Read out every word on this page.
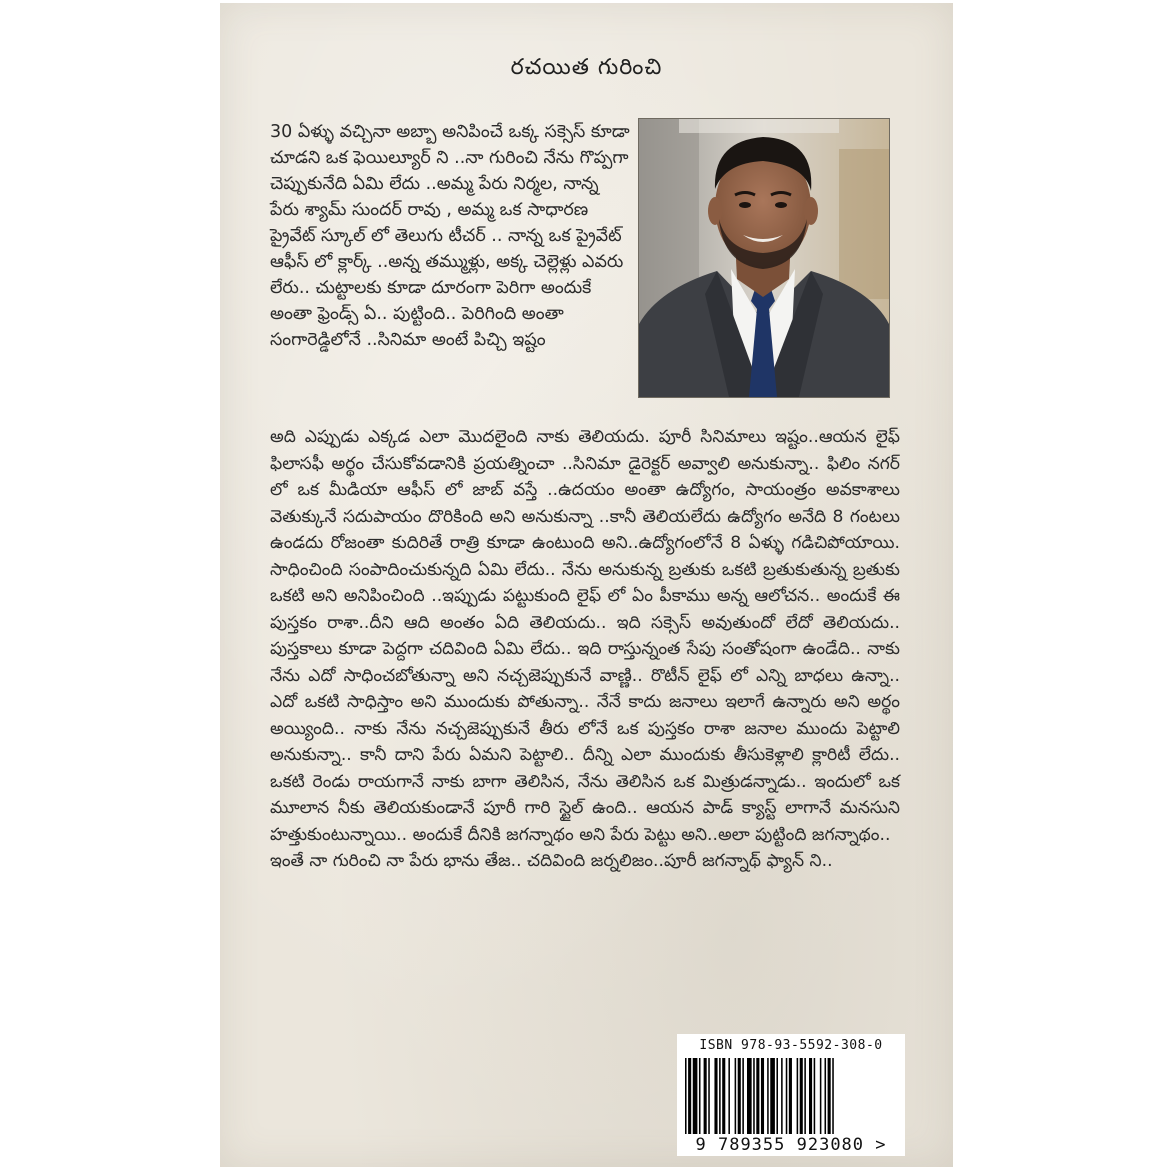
రచయిత గురించి

30 ఏళ్ళు వచ్చినా అబ్బా అనిపించే ఒక్క సక్సెస్ కూడా చూడని ఒక ఫెయిల్యూర్ ని ..నా గురించి నేను గొప్పగా చెప్పుకునేది ఏమి లేదు ..అమ్మ పేరు నిర్మల, నాన్న పేరు శ్యామ్ సుందర్ రావు , అమ్మ ఒక సాధారణ ప్రైవేట్ స్కూల్ లో తెలుగు టీచర్ .. నాన్న ఒక ప్రైవేట్ ఆఫీస్ లో క్లార్క్ ..అన్న తమ్ముళ్లు, అక్క చెల్లెళ్లు ఎవరు లేరు.. చుట్టాలకు కూడా దూరంగా పెరిగా అందుకే అంతా ఫ్రెండ్స్ ఏ.. పుట్టింది.. పెరిగింది అంతా సంగారెడ్డిలోనే ..సినిమా అంటే పిచ్చి ఇష్టం

అది ఎప్పుడు ఎక్కడ ఎలా మొదలైంది నాకు తెలియదు. పూరీ సినిమాలు ఇష్టం..ఆయన లైఫ్ ఫిలాసఫీ అర్థం చేసుకోవడానికి ప్రయత్నించా ..సినిమా డైరెక్టర్ అవ్వాలి అనుకున్నా.. ఫిలిం నగర్ లో ఒక మీడియా ఆఫీస్ లో జాబ్ వస్తే ..ఉదయం అంతా ఉద్యోగం, సాయంత్రం అవకాశాలు వెతుక్కునే సదుపాయం దొరికింది అని అనుకున్నా ..కానీ తెలియలేదు ఉద్యోగం అనేది 8 గంటలు ఉండదు రోజంతా కుదిరితే రాత్రి కూడా ఉంటుంది అని..ఉద్యోగంలోనే 8 ఏళ్ళు గడిచిపోయాయి. సాధించింది సంపాదించుకున్నది ఏమి లేదు.. నేను అనుకున్న బ్రతుకు ఒకటి బ్రతుకుతున్న బ్రతుకు ఒకటి అని అనిపించింది ..ఇప్పుడు పట్టుకుంది లైఫ్ లో ఏం పీకాము అన్న ఆలోచన.. అందుకే ఈ పుస్తకం రాశా..దీని ఆది అంతం ఏది తెలియదు.. ఇది సక్సెస్ అవుతుందో లేదో తెలియదు.. పుస్తకాలు కూడా పెద్దగా చదివింది ఏమి లేదు.. ఇది రాస్తున్నంత సేపు సంతోషంగా ఉండేది.. నాకు నేను ఎదో సాధించబోతున్నా అని నచ్చజెప్పుకునే వాణ్ణి.. రొటీన్ లైఫ్ లో ఎన్ని బాధలు ఉన్నా.. ఎదో ఒకటి సాధిస్తాం అని ముందుకు పోతున్నా.. నేనే కాదు జనాలు ఇలాగే ఉన్నారు అని అర్థం అయ్యింది.. నాకు నేను నచ్చజెప్పుకునే తీరు లోనే ఒక పుస్తకం రాశా జనాల ముందు పెట్టాలి అనుకున్నా.. కానీ దాని పేరు ఏమని పెట్టాలి.. దీన్ని ఎలా ముందుకు తీసుకెళ్లాలి క్లారిటీ లేదు.. ఒకటి రెండు రాయగానే నాకు బాగా తెలిసిన, నేను తెలిసిన ఒక మిత్రుడన్నాడు.. ఇందులో ఒక మూలాన నీకు తెలియకుండానే పూరీ గారి స్టైల్ ఉంది.. ఆయన పాడ్ క్యాస్ట్ లాగానే మనసుని హత్తుకుంటున్నాయి.. అందుకే దీనికి జగన్నాథం అని పేరు పెట్టు అని..అలా పుట్టింది జగన్నాథం..

ఇంతే నా గురించి నా పేరు భాను తేజ.. చదివింది జర్నలిజం..పూరీ జగన్నాథ్ ఫ్యాన్ ని..

ISBN 978-93-5592-308-0
9 789355 923080 >
